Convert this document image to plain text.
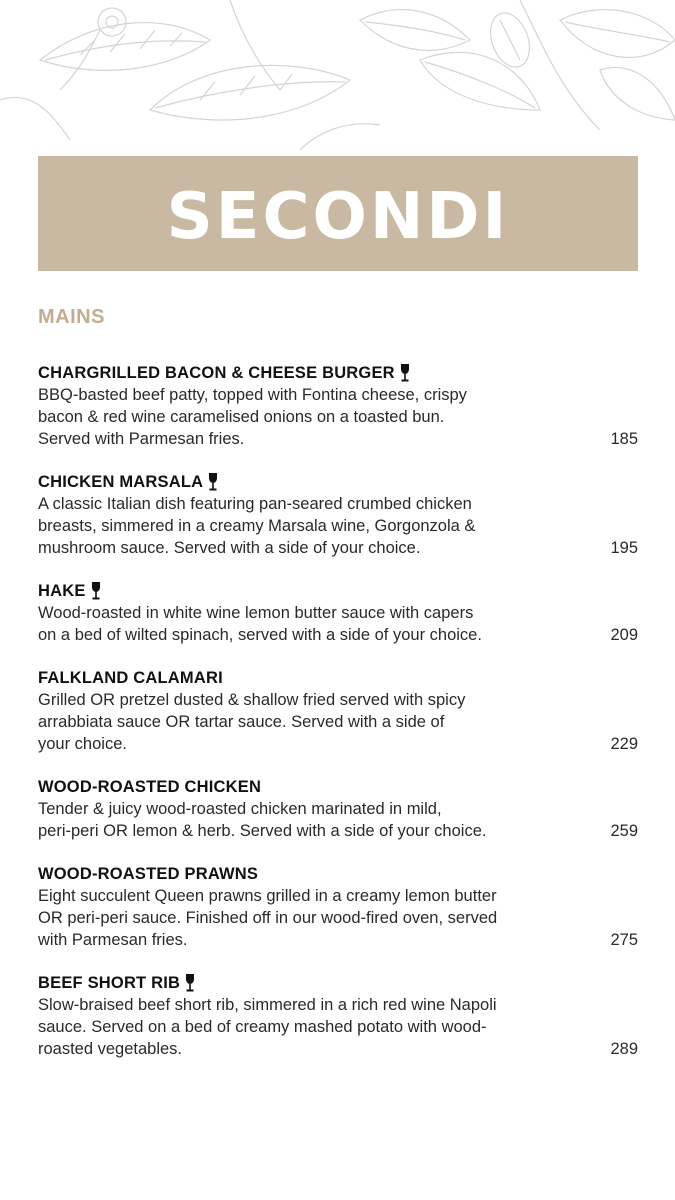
SECONDI
MAINS
CHARGRILLED BACON & CHEESE BURGER
BBQ-basted beef patty, topped with Fontina cheese, crispy
bacon & red wine caramelised onions on a toasted bun.
Served with Parmesan fries.	185
CHICKEN MARSALA
A classic Italian dish featuring pan-seared crumbed chicken
breasts, simmered in a creamy Marsala wine, Gorgonzola &
mushroom sauce. Served with a side of your choice.	195
HAKE
Wood-roasted in white wine lemon butter sauce with capers
on a bed of wilted spinach, served with a side of your choice.	209
FALKLAND CALAMARI
Grilled OR pretzel dusted & shallow fried served with spicy
arrabbiata sauce OR tartar sauce. Served with a side of
your choice.	229
WOOD-ROASTED CHICKEN
Tender & juicy wood-roasted chicken marinated in mild,
peri-peri OR lemon & herb. Served with a side of your choice.	259
WOOD-ROASTED PRAWNS
Eight succulent Queen prawns grilled in a creamy lemon butter
OR peri-peri sauce. Finished off in our wood-fired oven, served
with Parmesan fries.	275
BEEF SHORT RIB
Slow-braised beef short rib, simmered in a rich red wine Napoli
sauce. Served on a bed of creamy mashed potato with wood-
roasted vegetables.	289
